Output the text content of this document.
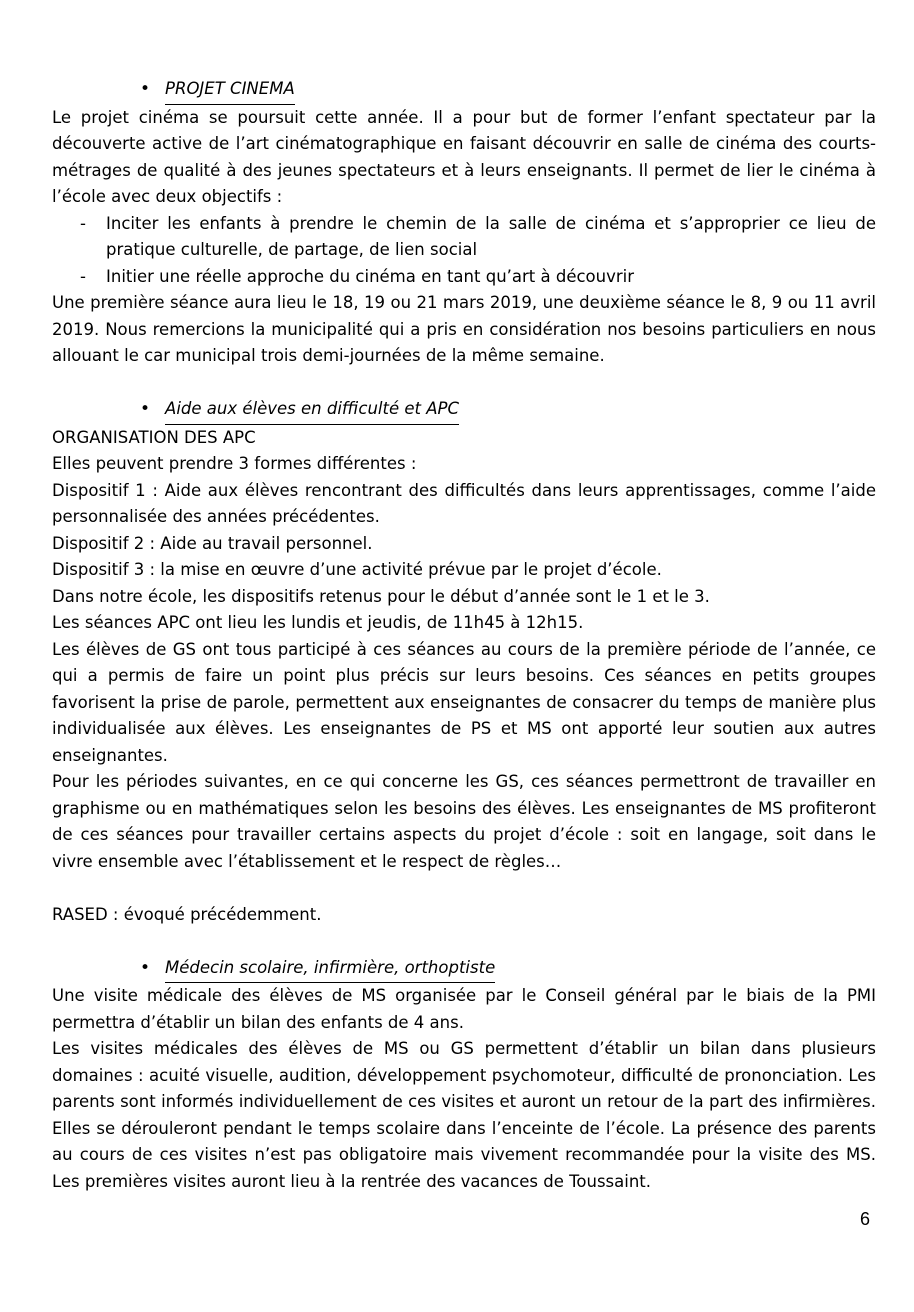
• PROJET CINEMA

Le projet cinéma se poursuit cette année. Il a pour but de former l’enfant spectateur par la découverte active de l’art cinématographique en faisant découvrir en salle de cinéma des courts-métrages de qualité à des jeunes spectateurs et à leurs enseignants. Il permet de lier le cinéma à l’école avec deux objectifs :

-	Inciter les enfants à prendre le chemin de la salle de cinéma et s’approprier ce lieu de pratique culturelle, de partage, de lien social
-	Initier une réelle approche du cinéma en tant qu’art à découvrir

Une première séance aura lieu le 18, 19 ou 21 mars 2019, une deuxième séance le 8, 9 ou 11 avril 2019. Nous remercions la municipalité qui a pris en considération nos besoins particuliers en nous allouant le car municipal trois demi-journées de la même semaine.

• Aide aux élèves en difficulté et APC

ORGANISATION DES APC

Elles peuvent prendre 3 formes différentes :

Dispositif 1 : Aide aux élèves rencontrant des difficultés dans leurs apprentissages, comme l’aide personnalisée des années précédentes.

Dispositif 2 : Aide au travail personnel.

Dispositif 3 : la mise en œuvre d’une activité prévue par le projet d’école.

Dans notre école, les dispositifs retenus pour le début d’année sont le 1 et le 3.

Les séances APC ont lieu les lundis et jeudis, de 11h45 à 12h15.

Les élèves de GS ont tous participé à ces séances au cours de la première période de l’année, ce qui a permis de faire un point plus précis sur leurs besoins. Ces séances en petits groupes favorisent la prise de parole, permettent aux enseignantes de consacrer du temps de manière plus individualisée aux élèves. Les enseignantes de PS et MS ont apporté leur soutien aux autres enseignantes.

Pour les périodes suivantes, en ce qui concerne les GS, ces séances permettront de travailler en graphisme ou en mathématiques selon les besoins des élèves. Les enseignantes de MS profiteront de ces séances pour travailler certains aspects du projet d’école : soit en langage, soit dans le vivre ensemble avec l’établissement et le respect de règles…

RASED : évoqué précédemment.

• Médecin scolaire, infirmière, orthoptiste

Une visite médicale des élèves de MS organisée par le Conseil général par le biais de la PMI permettra d’établir un bilan des enfants de 4 ans.

Les visites médicales des élèves de MS ou GS permettent d’établir un bilan dans plusieurs domaines : acuité visuelle, audition, développement psychomoteur, difficulté de prononciation. Les parents sont informés individuellement de ces visites et auront un retour de la part des infirmières. Elles se dérouleront pendant le temps scolaire dans l’enceinte de l’école. La présence des parents au cours de ces visites n’est pas obligatoire mais vivement recommandée pour la visite des MS. Les premières visites auront lieu à la rentrée des vacances de Toussaint.

6
